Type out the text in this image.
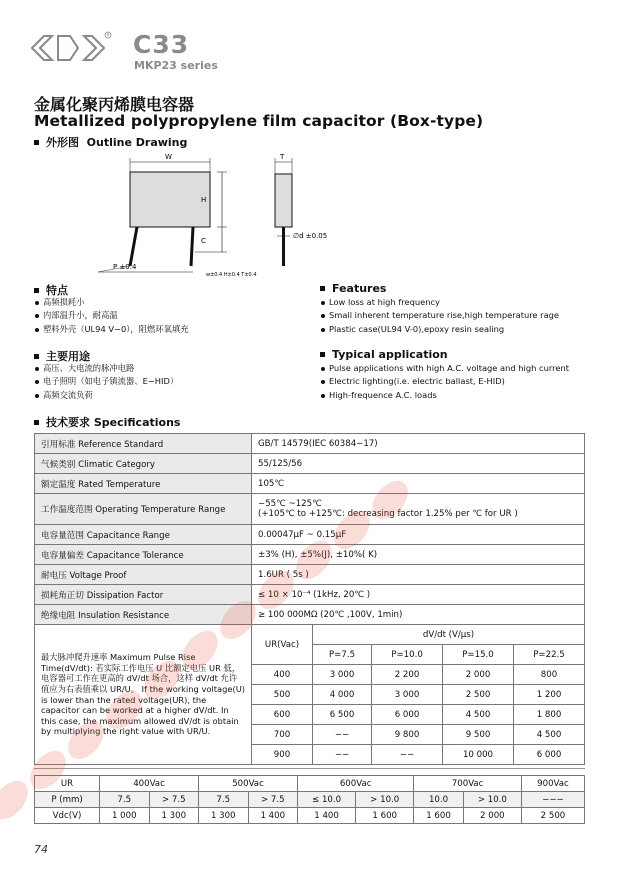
R C33
MKP23 series
金属化聚丙烯膜电容器
Metallized polypropylene film capacitor (Box-type)
外形图 Outline Drawing
W
H
C
P ±0.4
T
∅d ±0.05
w±0.4 H±0.4 T±0.4
特点
高频损耗小
内部温升小，耐高温
塑料外壳（UL94 V−0），阻燃环氧填充
Features
Low loss at high frequency
Small inherent temperature rise,high temperature rage
Plastic case(UL94 V-0),epoxy resin sealing
主要用途
高压、大电流的脉冲电路
电子照明（如电子镇流器、E−HID）
高频交流负荷
Typical application
Pulse applications with high A.C. voltage and high current
Electric lighting(i.e. electric ballast, E-HID)
High-frequence A.C. loads
技术要求 Specifications
引用标准 Reference Standard	GB/T 14579(IEC 60384−17)				
气候类别 Climatic Category	55/125/56				
额定温度 Rated Temperature	105℃				
工作温度范围 Operating Temperature Range	−55℃ ~125℃
(+105℃ to +125℃: decreasing factor 1.25% per ℃ for UR )				

电容量范围 Capacitance Range	0.00047μF ~ 0.15μF				
电容量偏差 Capacitance Tolerance	±3% (H), ±5%(J), ±10%( K)				
耐电压 Voltage Proof	1.6UR ( 5s )				
损耗角正切 Dissipation Factor	≤ 10 × 10⁻⁴ (1kHz, 20℃ )				
绝缘电阻 Insulation Resistance	≥ 100 000MΩ (20℃ ,100V, 1min)				
最大脉冲爬升速率 Maximum Pulse Rise Time(dV/dt): 若实际工作电压 U 比额定电压 UR 低，电容器可工作在更高的 dV/dt 场合，这样 dV/dt 允许值应为右表值乘以 UR/U。 If the working voltage(U) is lower than the rated voltage(UR), the capacitor can be worked at a higher dV/dt. In this case, the maximum allowed dV/dt is obtain by multiplying the right value with UR/U.	UR(Vac)	dV/dt (V/μs)			
		P=7.5	P=10.0	P=15.0	P=22.5
	400	3 000	2 200	2 000	800
	500	4 000	3 000	2 500	1 200
	600	6 500	6 000	4 500	1 800
	700	−−	9 800	9 500	4 500
	900	−−	−−	10 000	6 000
UR	400Vac		500Vac		600Vac		700Vac		900Vac
P (mm)	7.5	> 7.5	7.5	> 7.5	≤ 10.0	> 10.0	10.0	> 10.0	−−−
Vdc(V)	1 000	1 300	1 300	1 400	1 400	1 600	1 600	2 000	2 500
74
